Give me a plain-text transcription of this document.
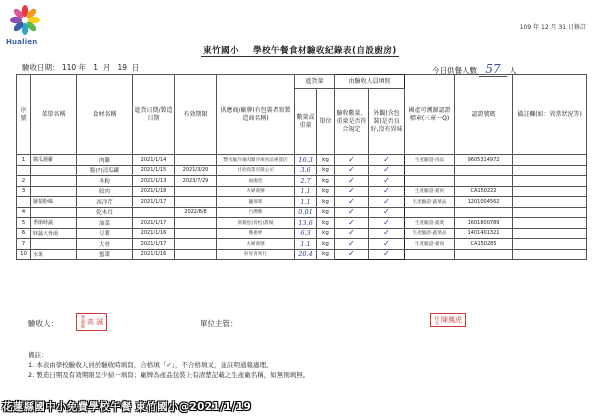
Hualien
109 年 12 月 31 日修訂
東竹國小 學校午餐食材驗收紀錄表(自設廚房)
驗收日期： 110 年 1 月 19 日	今日供餐人數 57 人
序號	菜單名稱	食材名稱	進貨日期/製造日期	有效期限	供應商/廠牌(有包裝者寫製造商名稱)	進貨量		由驗收人員填寫		國產可溯源認證標章(三章一Q)	認證號碼	備註欄(如：異常狀況等)
						數量或重量	單位	驗收數量、重量是否符合規定	外觀(含包裝)是否良好,沒有異味			
1	醬瓜燒雞	肉雞	2021/1/14		豐水級冷凍肉類冷凍食品專賣店	16.3	kg	✓	✓	生產驗證-肉品	9605314972	
		脆(?)清瓜罐	2021/1/15	2021/3/20	甘哈商業有限公司	3.6	kg	✓	✓			
2		冬粉	2021/1/13	2023/7/29	福鴻堂	2.7	kg	✓	✓			
3		絞肉	2021/1/18		火婦商號	1.1	kg	✓	✓	生產驗證-豬肉	CA150222	
	蘿蔔粉絲	西洋芹	2021/1/17		鑼那菜	1.1	kg	✓	✓	生產驗證-蔬菜品	1201004562	
4		乾木耳		2022/8/8	台灣牌	0.01	kg	✓	✓			
5	季節時蔬	油菜	2021/1/17		新穀松(青松)農場	13.6	kg	✓	✓	生產驗證-蔬菜	1601800789	
6	時蔬大骨湯	豆薯	2021/1/16		鄭惠婷	6.3	kg	✓	✓	生產驗證-蔬菜品	1401401321	
7		大骨	2021/1/17		火婦商號	1.1	kg	✓	✓	生產驗證-豬肉	CA150285	
10	水果	蜜棗	2021/1/16		鈴昇青果行	20.4	kg	✓	✓			
驗收人：	營養師 高 誠	單位主管：	校長 陳鳳虎
備註：
1. 本表由學校驗收人員於驗收時填寫，合格填「✓」，不合格填叉，並註明通報處理。
2. 製造日期及有效期限呈少掃一填寫；廠牌為產品包裝上有清楚記載之生產廠名稱，如無則填無。
花蓮縣國中小免費學校午餐 東竹國小@2021/1/19
